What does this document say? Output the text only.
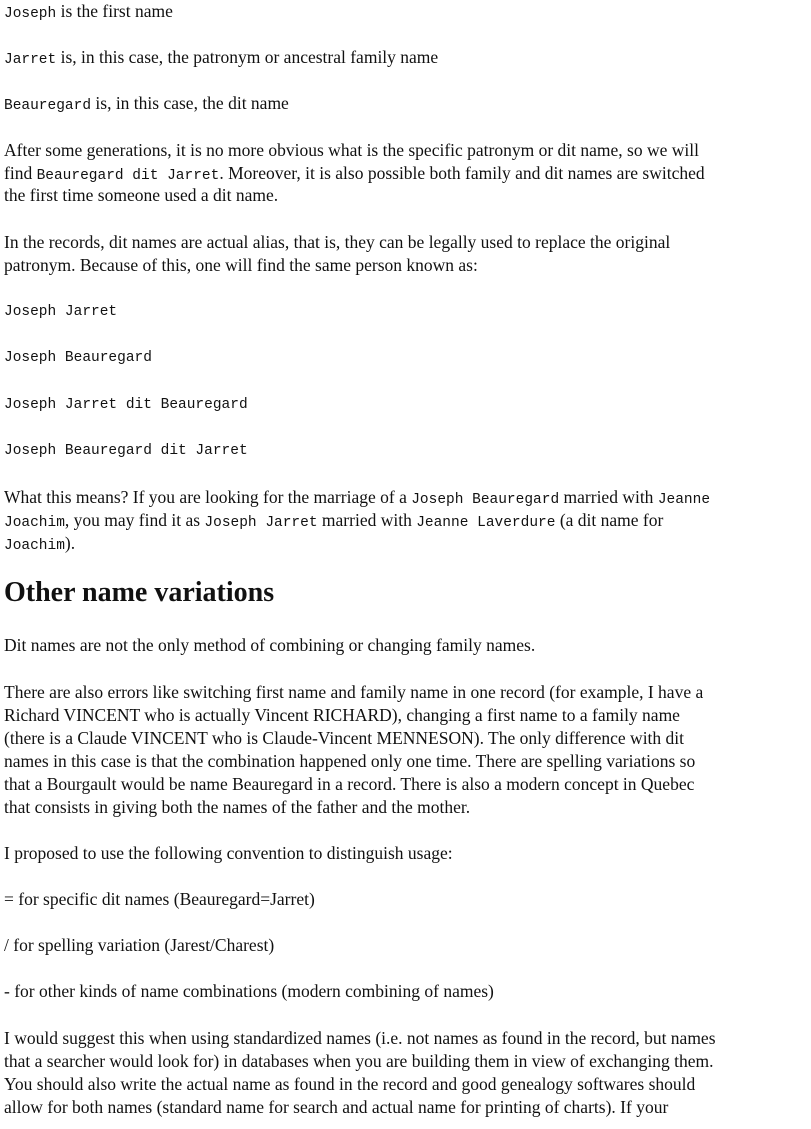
Joseph is the first name
Jarret is, in this case, the patronym or ancestral family name
Beauregard is, in this case, the dit name
After some generations, it is no more obvious what is the specific patronym or dit name, so we will
find Beauregard dit Jarret. Moreover, it is also possible both family and dit names are switched
the first time someone used a dit name.
In the records, dit names are actual alias, that is, they can be legally used to replace the original
patronym. Because of this, one will find the same person known as:
Joseph Jarret
Joseph Beauregard
Joseph Jarret dit Beauregard
Joseph Beauregard dit Jarret
What this means? If you are looking for the marriage of a Joseph Beauregard married with Jeanne
Joachim, you may find it as Joseph Jarret married with Jeanne Laverdure (a dit name for
Joachim).
Other name variations
Dit names are not the only method of combining or changing family names.
There are also errors like switching first name and family name in one record (for example, I have a
Richard VINCENT who is actually Vincent RICHARD), changing a first name to a family name
(there is a Claude VINCENT who is Claude-Vincent MENNESON). The only difference with dit
names in this case is that the combination happened only one time. There are spelling variations so
that a Bourgault would be name Beauregard in a record. There is also a modern concept in Quebec
that consists in giving both the names of the father and the mother.
I proposed to use the following convention to distinguish usage:
= for specific dit names (Beauregard=Jarret)
/ for spelling variation (Jarest/Charest)
- for other kinds of name combinations (modern combining of names)
I would suggest this when using standardized names (i.e. not names as found in the record, but names
that a searcher would look for) in databases when you are building them in view of exchanging them.
You should also write the actual name as found in the record and good genealogy softwares should
allow for both names (standard name for search and actual name for printing of charts). If your
